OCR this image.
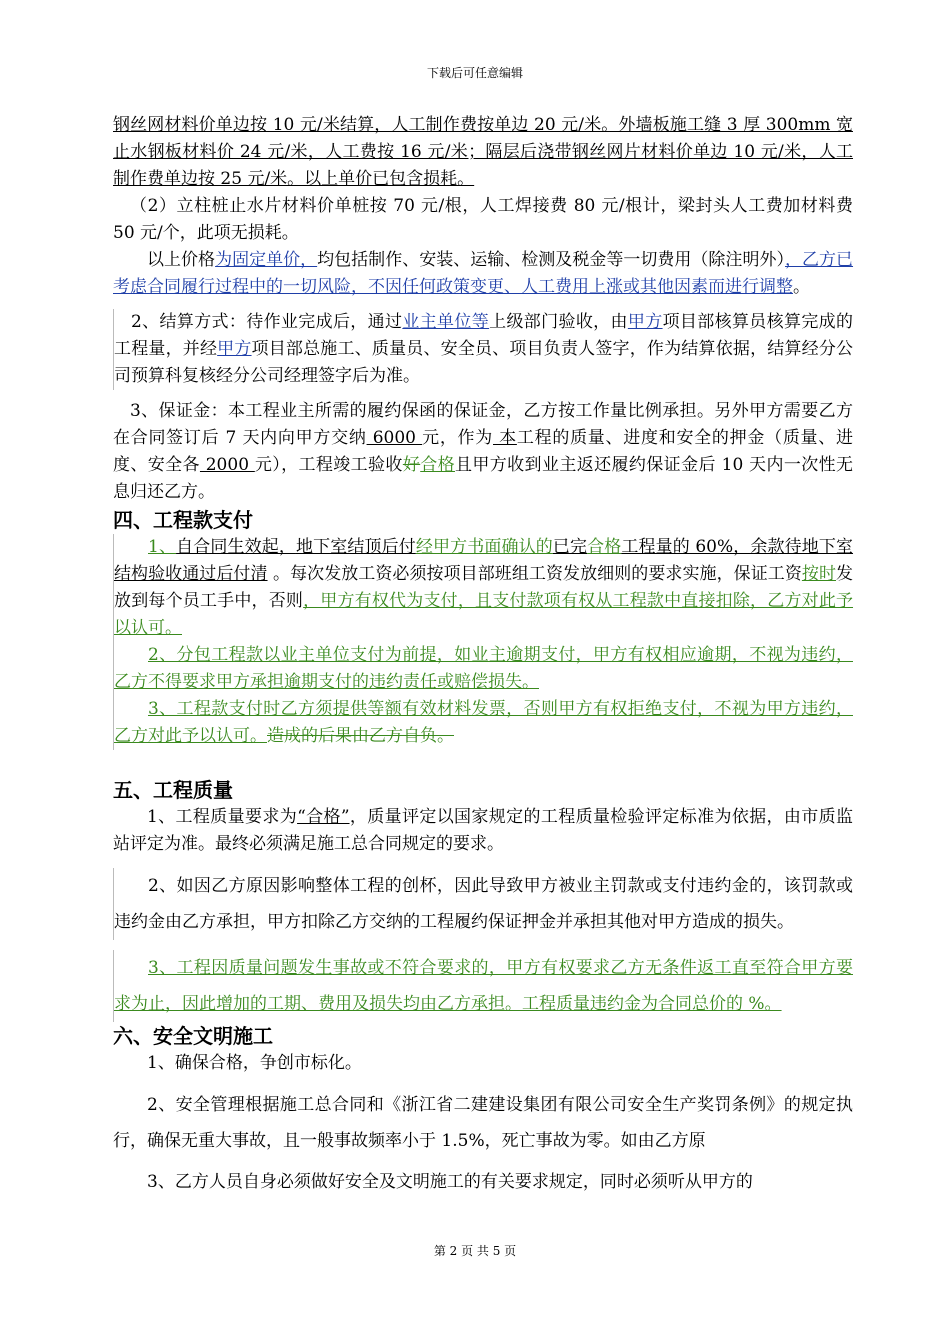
下载后可任意编辑

钢丝网材料价单边按 10 元/米结算，人工制作费按单边 20 元/米。外墙板施工缝 3 厚 300mm 宽止水钢板材料价 24 元/米，人工费按 16 元/米；隔层后浇带钢丝网片材料价单边 10 元/米，人工制作费单边按 25 元/米。以上单价已包含损耗。

（2）立柱桩止水片材料价单桩按 70 元/根，人工焊接费 80 元/根计，梁封头人工费加材料费 50 元/个，此项无损耗。

以上价格为固定单价，均包括制作、安装、运输、检测及税金等一切费用（除注明外），乙方已考虑合同履行过程中的一切风险，不因任何政策变更、人工费用上涨或其他因素而进行调整。

2、结算方式：待作业完成后，通过业主单位等上级部门验收，由甲方项目部核算员核算完成的工程量，并经甲方项目部总施工、质量员、安全员、项目负责人签字，作为结算依据，结算经分公司预算科复核经分公司经理签字后为准。

3、保证金：本工程业主所需的履约保函的保证金，乙方按工作量比例承担。另外甲方需要乙方在合同签订后 7 天内向甲方交纳 6000 元，作为 本工程的质量、进度和安全的押金（质量、进度、安全各 2000 元），工程竣工验收好合格且甲方收到业主返还履约保证金后 10 天内一次性无息归还乙方。

四、工程款支付

1、自合同生效起，地下室结顶后付经甲方书面确认的已完合格工程量的 60%，余款待地下室结构验收通过后付清 。每次发放工资必须按项目部班组工资发放细则的要求实施，保证工资按时发放到每个员工手中，否则，甲方有权代为支付，且支付款项有权从工程款中直接扣除，乙方对此予以认可。

2、分包工程款以业主单位支付为前提，如业主逾期支付，甲方有权相应逾期，不视为违约，乙方不得要求甲方承担逾期支付的违约责任或赔偿损失。

3、工程款支付时乙方须提供等额有效材料发票，否则甲方有权拒绝支付，不视为甲方违约，乙方对此予以认可。造成的后果由乙方自负。

五、工程质量

1、工程质量要求为“合格”，质量评定以国家规定的工程质量检验评定标准为依据，由市质监站评定为准。最终必须满足施工总合同规定的要求。

2、如因乙方原因影响整体工程的创杯，因此导致甲方被业主罚款或支付违约金的，该罚款或违约金由乙方承担，甲方扣除乙方交纳的工程履约保证押金并承担其他对甲方造成的损失。

3、工程因质量问题发生事故或不符合要求的，甲方有权要求乙方无条件返工直至符合甲方要求为止，因此增加的工期、费用及损失均由乙方承担。工程质量违约金为合同总价的 %。

六、安全文明施工

1、确保合格，争创市标化。

2、安全管理根据施工总合同和《浙江省二建建设集团有限公司安全生产奖罚条例》的规定执行，确保无重大事故，且一般事故频率小于 1.5%，死亡事故为零。如由乙方原

3、乙方人员自身必须做好安全及文明施工的有关要求规定，同时必须听从甲方的

第 2 页 共 5 页
